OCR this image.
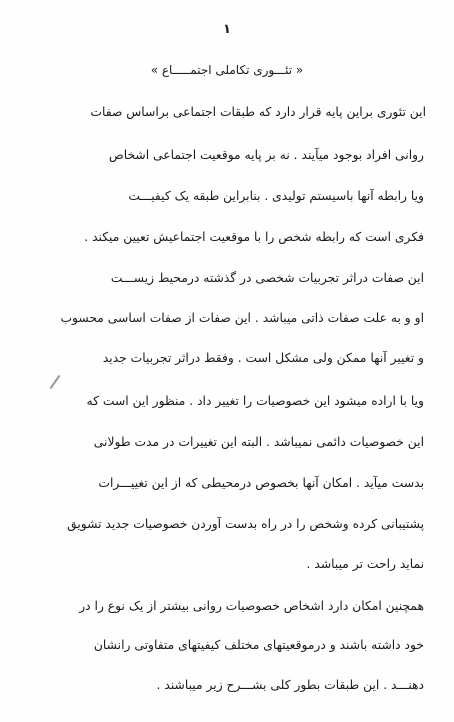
۱
« تئـــوری تکاملی اجتمـــــاع »
این تئوری براین پایه قرار دارد که طبقات اجتماعی براساس صفات
روانی افراد بوجود میآیند . نه بر پایه موقعیت اجتماعی اشخاص
ویا رابطه آنها باسیستم تولیدی . بنابراین طبقه یک کیفیـــت
فکری است که رابطه شخص را با موقعیت اجتماعیش تعیین میکند .
این صفات دراثر تجربیات شخصی در گذشته درمحیط زیســـت
او و به علت صفات ذاتی میباشد . این صفات از صفات اساسی محسوب
و تغییر آنها ممکن ولی مشکل است . وفقط دراثر تجربیات جدید
ویا با اراده میشود این خصوصیات را تغییر داد . منظور این است که
این خصوصیات دائمی نمیباشد . البته این تغییرات در مدت طولانی
بدست میآید . امکان آنها بخصوص درمحیطی که از این تغییـــرات
پشتیبانی کرده وشخص را در راه بدست آوردن خصوصیات جدید تشویق
نماید راحت تر میباشد .
همچنین امکان دارد اشخاص خصوصیات روانی بیشتر از یک نوع را در
خود داشته باشند و درموقعیتهای مختلف کیفیتهای متفاوتی رانشان
دهنـــد . این طبقات بطور کلی بشـــرح زیر میباشند .
